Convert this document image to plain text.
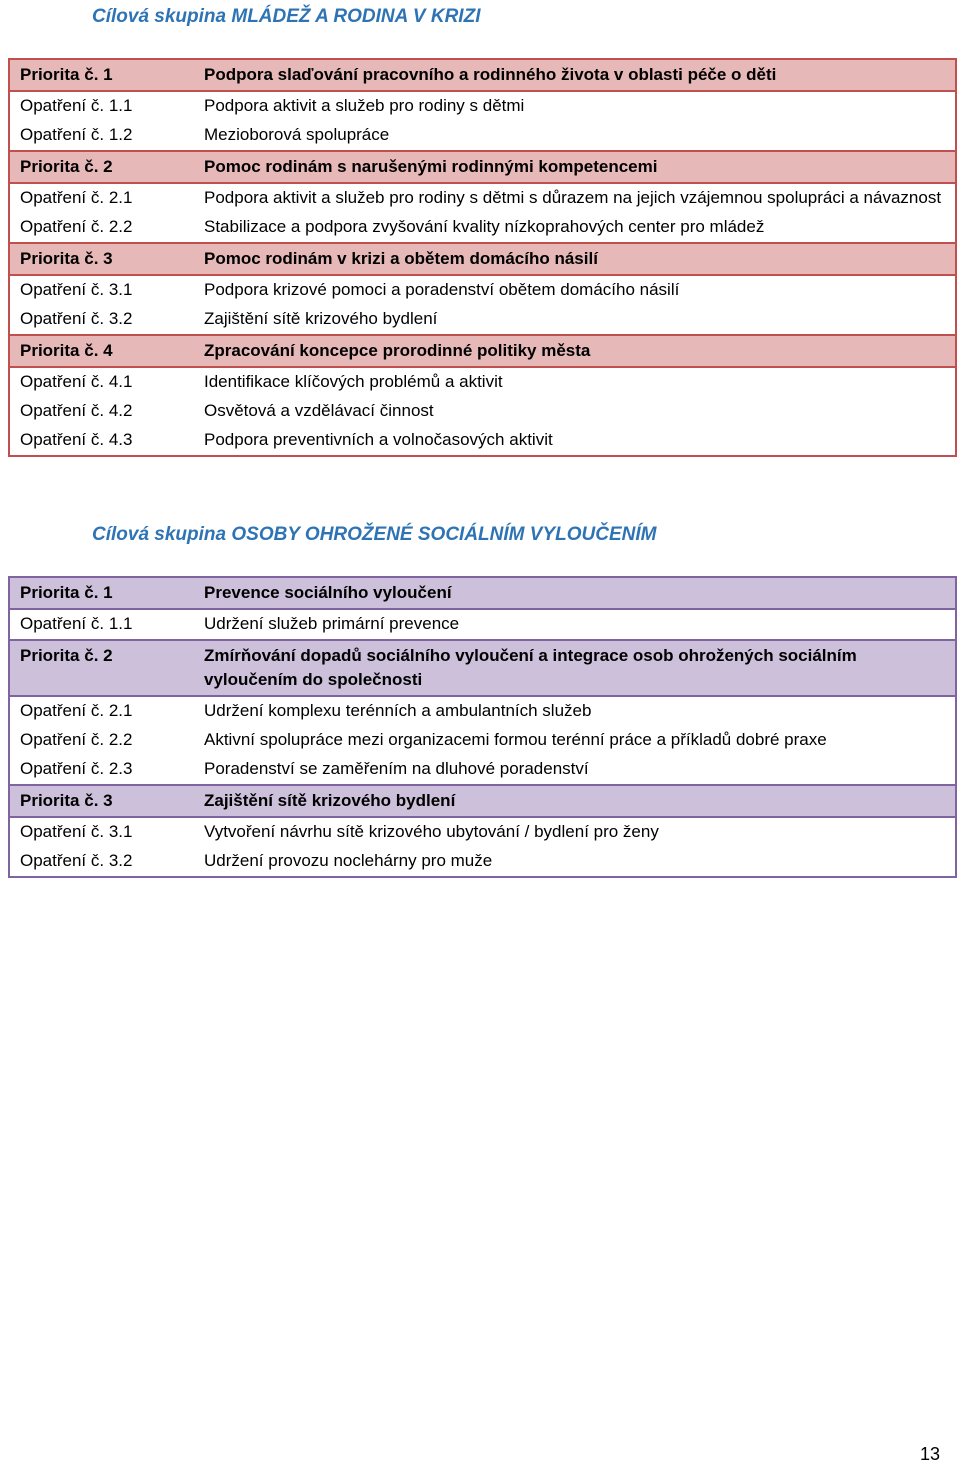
Cílová skupina MLÁDEŽ A RODINA V KRIZI
Priorita č. 1	Podpora slaďování pracovního a rodinného života v oblasti péče o děti
Opatření č. 1.1	Podpora aktivit a služeb pro rodiny s dětmi
Opatření č. 1.2	Mezioborová spolupráce
Priorita č. 2	Pomoc rodinám s narušenými rodinnými kompetencemi
Opatření č. 2.1	Podpora aktivit a služeb pro rodiny s dětmi s důrazem na jejich vzájemnou spolupráci a návaznost
Opatření č. 2.2	Stabilizace a podpora zvyšování kvality nízkoprahových center pro mládež
Priorita č. 3	Pomoc rodinám v krizi a obětem domácího násilí
Opatření č. 3.1	Podpora krizové pomoci a poradenství obětem domácího násilí
Opatření č. 3.2	Zajištění sítě krizového bydlení
Priorita č. 4	Zpracování koncepce prorodinné politiky města
Opatření č. 4.1	Identifikace klíčových problémů a aktivit
Opatření č. 4.2	Osvětová a vzdělávací činnost
Opatření č. 4.3	Podpora preventivních a volnočasových aktivit
Cílová skupina OSOBY OHROŽENÉ SOCIÁLNÍM VYLOUČENÍM
Priorita č. 1	Prevence sociálního vyloučení
Opatření č. 1.1	Udržení služeb primární prevence
Priorita č. 2	Zmírňování dopadů sociálního vyloučení a integrace osob ohrožených sociálním vyloučením do společnosti
Opatření č. 2.1	Udržení komplexu terénních a ambulantních služeb
Opatření č. 2.2	Aktivní spolupráce mezi organizacemi formou terénní práce a příkladů dobré praxe
Opatření č. 2.3	Poradenství se zaměřením na dluhové poradenství
Priorita č. 3	Zajištění sítě krizového bydlení
Opatření č. 3.1	Vytvoření návrhu sítě krizového ubytování / bydlení pro ženy
Opatření č. 3.2	Udržení provozu noclehárny pro muže

13
